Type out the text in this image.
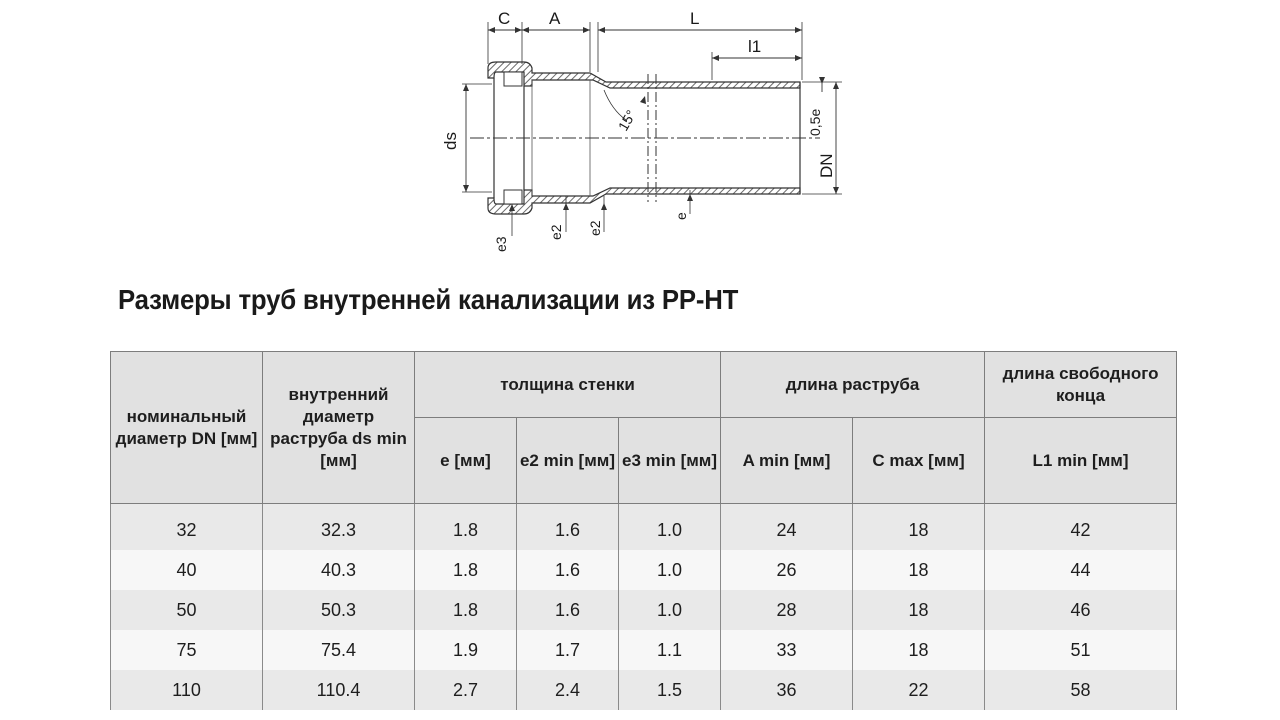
C A	L
l1
ds
DN
0,5e
15°
e3
e2 e2
e
Размеры труб внутренней канализации из PP-HT
номинальный диаметр DN [мм]	внутренний диаметр раструба ds min [мм]	толщина стенки			длина раструба		длина свободного конца
		e [мм]	e2 min [мм]	e3 min [мм]	A min [мм]	C max [мм]	L1 min [мм]
32	32.3	1.8	1.6	1.0	24	18	42
40	40.3	1.8	1.6	1.0	26	18	44
50	50.3	1.8	1.6	1.0	28	18	46
75	75.4	1.9	1.7	1.1	33	18	51
110	110.4	2.7	2.4	1.5	36	22	58
